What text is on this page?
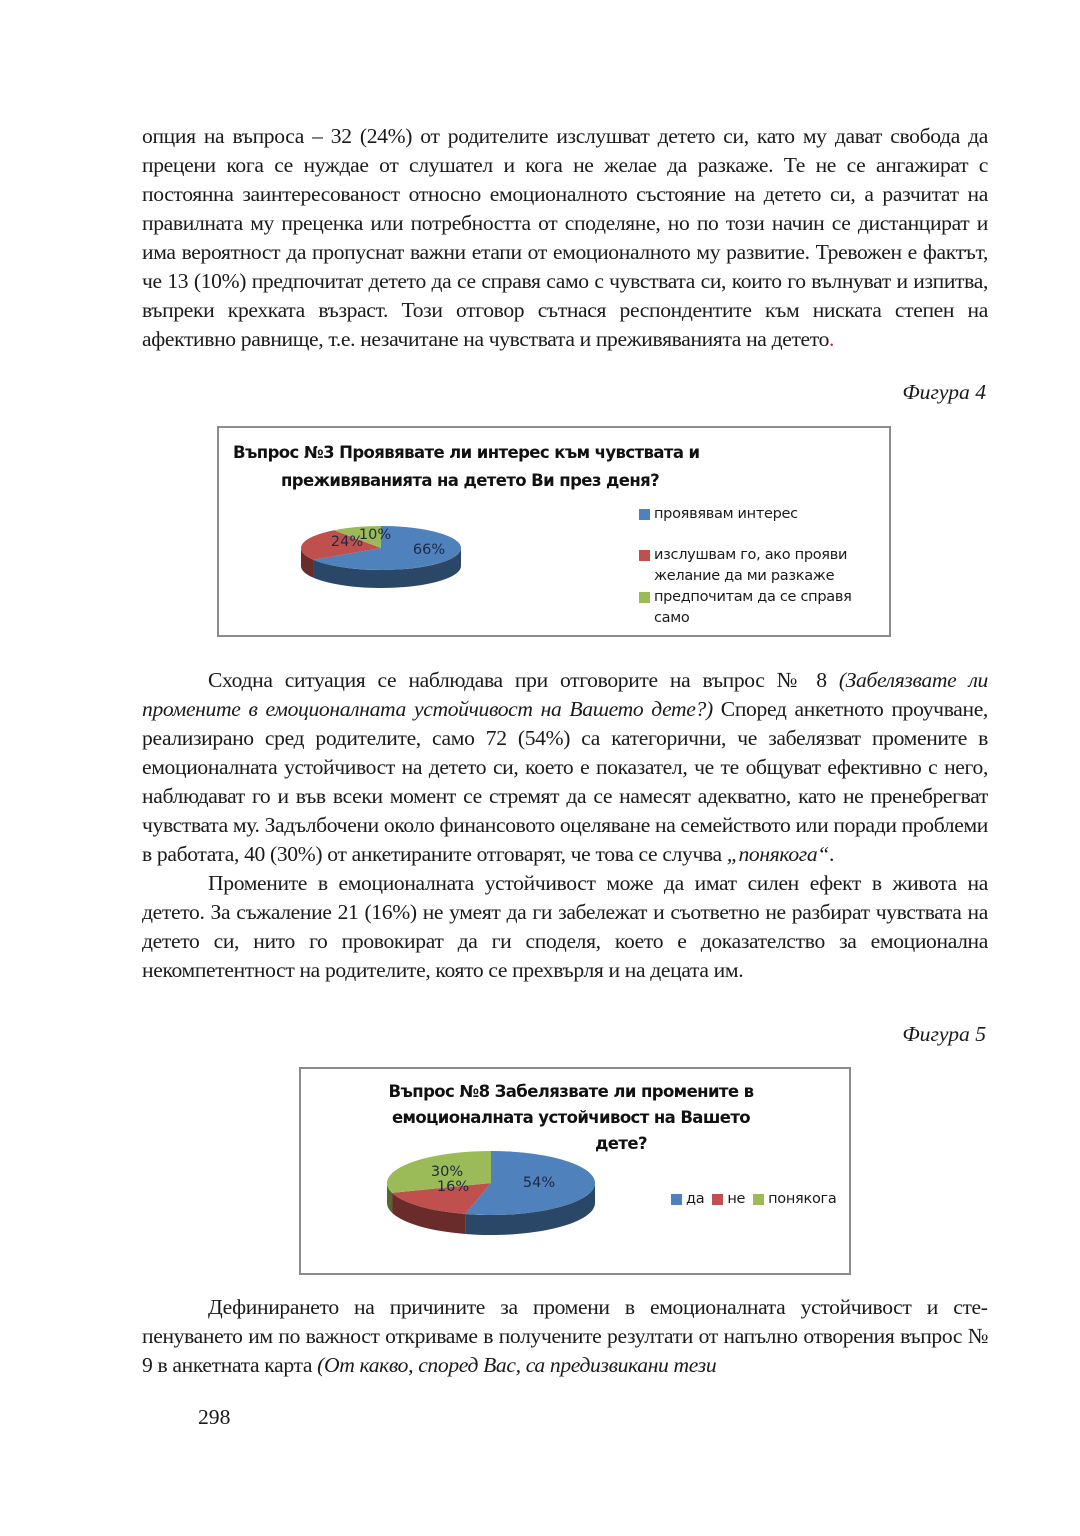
опция на въпроса – 32 (24%) от родителите изслушват детето си, като му дават свобода да прецени кога се нуждае от слушател и кога не желае да разкаже. Те не се ангажират с постоянна заинтересованост относно емоционалното състояние на детето си, а разчитат на правилната му преценка или потребността от споделяне, но по този начин се дистанцират и има вероятност да пропуснат важни етапи от емоционалното му развитие. Тревожен е фактът, че 13 (10%) предпочитат детето да се справя само с чувствата си, които го вълнуват и изпитва, въпреки крехката възраст. Този отговор сътнася респондентите към ниската степен на афективно равнище, т.е. незачитане на чувствата и преживяванията на детето.

Фигура 4
Въпрос №3 Проявявате ли интерес към чувствата и
преживяванията на детето Ви през деня?
66%
24%
10%
проявявам интерес
изслушвам го, ако прояви
желание да ми разкаже
предпочитам да се справя
само

Сходна ситуация се наблюдава при отговорите на въпрос № 8 (Забелязвате ли промените в емоционалната устойчивост на Вашето дете?) Според анкетното проучване, реализирано сред родителите, само 72 (54%) са категорични, че забелязват промените в емоционалната устойчивост на детето си, което е показател, че те общуват ефективно с него, наблюдават го и във всеки момент се стремят да се намесят адекватно, като не пренебрегват чувствата му. Задълбочени около финансовото оцеляване на семейството или поради проблеми в работата, 40 (30%) от анкетираните отговарят, че това се случва „понякога“.

Промените в емоционалната устойчивост може да имат силен ефект в живота на детето. За съжаление 21 (16%) не умеят да ги забележат и съответно не разбират чувствата на детето си, нито го провокират да ги споделя, което е доказателство за емоционална некомпетентност на родителите, която се прехвърля и на децата им.

Фигура 5
Въпрос №8 Забелязвате ли промените в
емоционалната устойчивост на Вашето
дете?
54%
16%
30%
да не понякога

Дефинирането на причините за промени в емоционалната устойчивост и степенуването им по важност откриваме в получените резултати от напълно отворения въпрос № 9 в анкетната карта (От какво, според Вас, са предизвикани тези

298
